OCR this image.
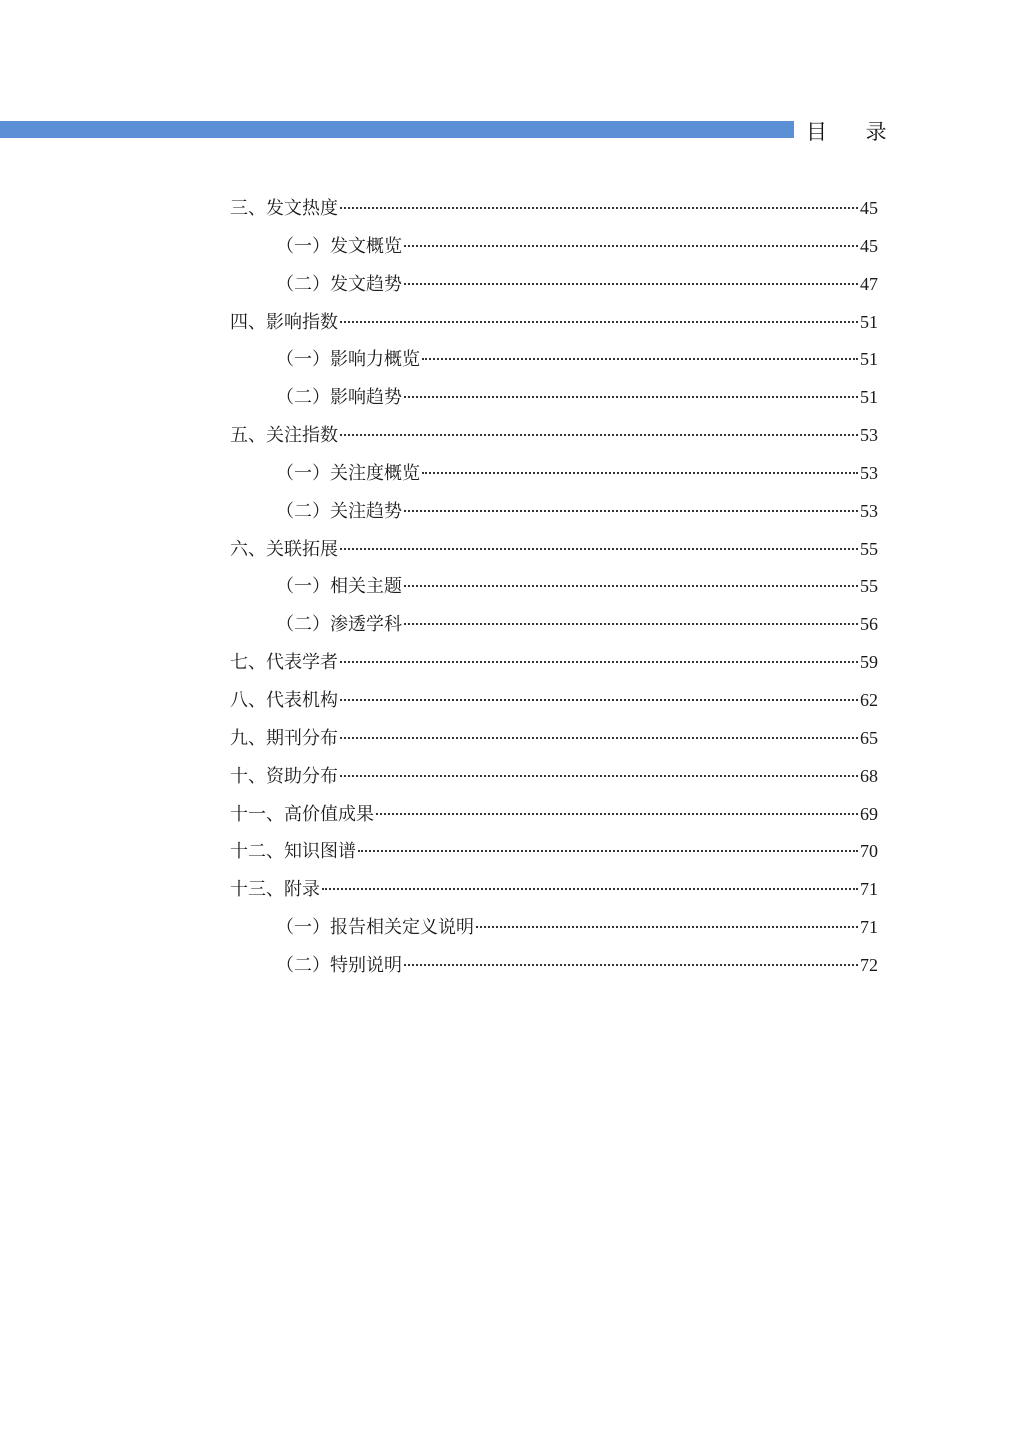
目 录
三、发文热度	45
（一）发文概览	45
（二）发文趋势	47
四、影响指数	51
（一）影响力概览	51
（二）影响趋势	51
五、关注指数	53
（一）关注度概览	53
（二）关注趋势	53
六、关联拓展	55
（一）相关主题	55
（二）渗透学科	56
七、代表学者	59
八、代表机构	62
九、期刊分布	65
十、资助分布	68
十一、高价值成果	69
十二、知识图谱	70
十三、附录	71
（一）报告相关定义说明	71
（二）特别说明	72
